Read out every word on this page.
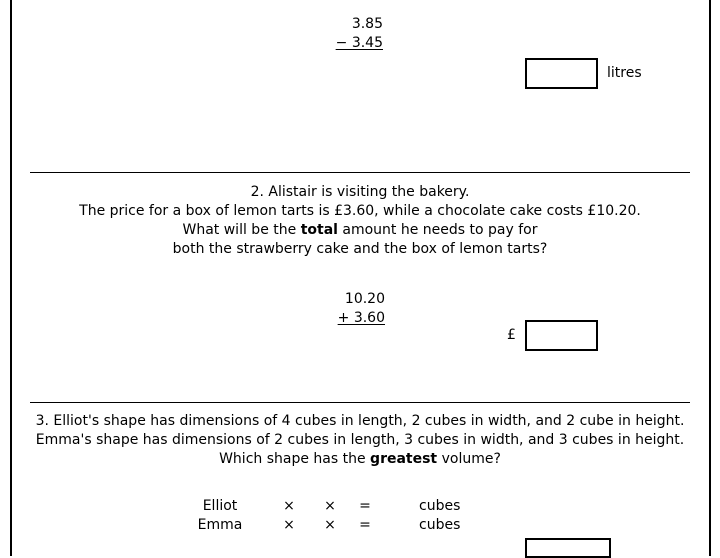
3.85
− 3.45
litres
2. Alistair is visiting the bakery.
The price for a box of lemon tarts is £3.60, while a chocolate cake costs £10.20.
What will be the total amount he needs to pay for
both the strawberry cake and the box of lemon tarts?
10.20
+ 3.60
£
3. Elliot's shape has dimensions of 4 cubes in length, 2 cubes in width, and 2 cube in height.
Emma's shape has dimensions of 2 cubes in length, 3 cubes in width, and 3 cubes in height.
Which shape has the greatest volume?
Elliot	× × =	cubes
Emma	× × =	cubes
